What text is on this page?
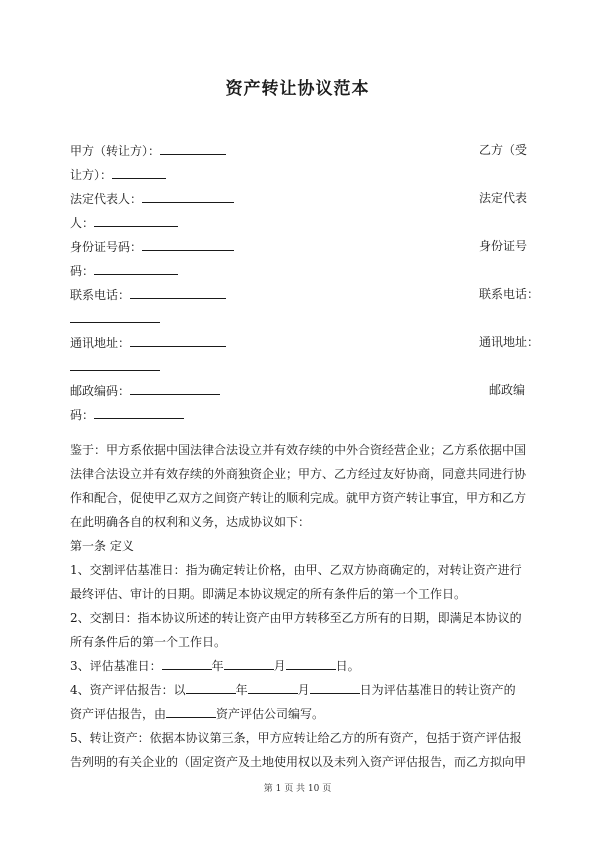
资产转让协议范本
甲方（转让方）：	乙方（受
让方）：
法定代表人：	法定代表
人：
身份证号码：	身份证号
码：
联系电话：	联系电话：
通讯地址：	通讯地址：
邮政编码：	邮政编
码：
鉴于：甲方系依据中国法律合法设立并有效存续的中外合资经营企业；乙方系依据中国
法律合法设立并有效存续的外商独资企业；甲方、乙方经过友好协商，同意共同进行协
作和配合，促使甲乙双方之间资产转让的顺利完成。就甲方资产转让事宜，甲方和乙方
在此明确各自的权利和义务，达成协议如下：
第一条 定义
1、交割评估基准日：指为确定转让价格，由甲、乙双方协商确定的，对转让资产进行
最终评估、审计的日期。即满足本协议规定的所有条件后的第一个工作日。
2、交割日：指本协议所述的转让资产由甲方转移至乙方所有的日期，即满足本协议的
所有条件后的第一个工作日。
3、评估基准日：	年	月	日。
4、资产评估报告：以	年	月	日为评估基准日的转让资产的
资产评估报告，由	资产评估公司编写。
5、转让资产：依据本协议第三条，甲方应转让给乙方的所有资产，包括于资产评估报
告列明的有关企业的（固定资产及土地使用权以及未列入资产评估报告，而乙方拟向甲
第 1 页 共 10 页
